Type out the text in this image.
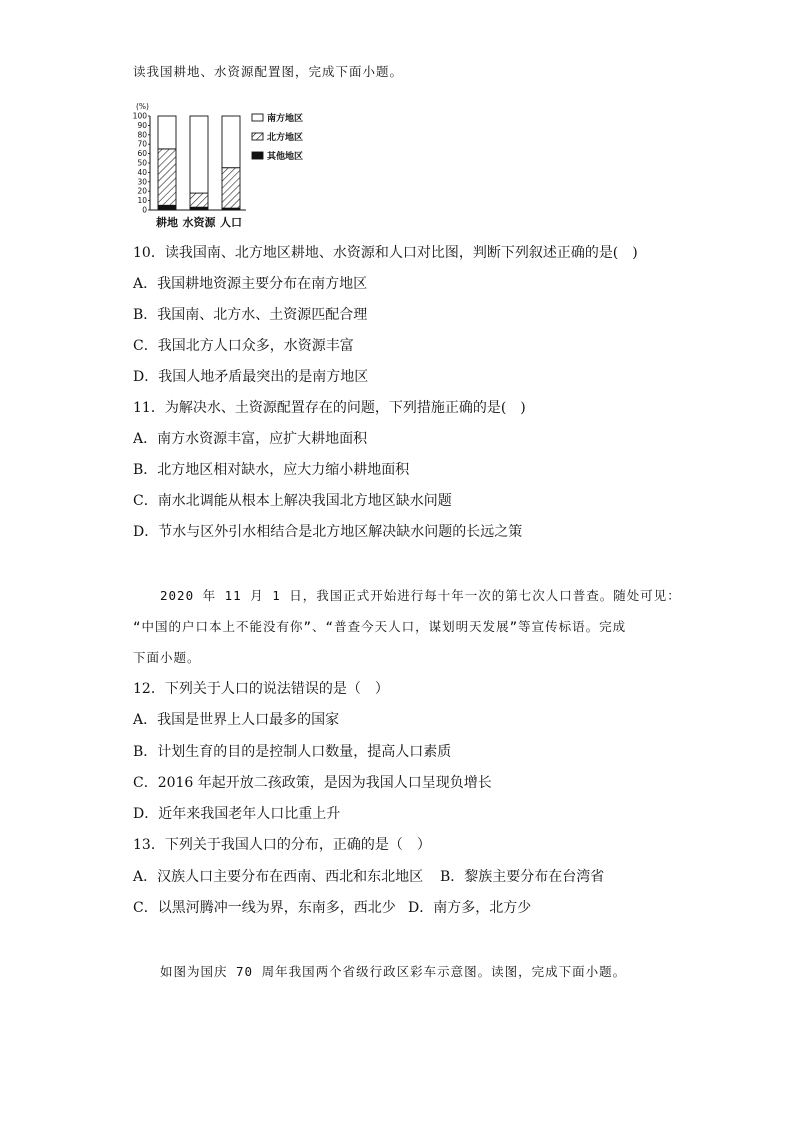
读我国耕地、水资源配置图，完成下面小题。
(%)
0
10
20
30
40
50
60
70
80
90
100
耕地 水资源 人口
南方地区
北方地区
其他地区
10．读我国南、北方地区耕地、水资源和人口对比图，判断下列叙述正确的是(　)
A．我国耕地资源主要分布在南方地区
B．我国南、北方水、土资源匹配合理
C．我国北方人口众多，水资源丰富
D．我国人地矛盾最突出的是南方地区
11．为解决水、土资源配置存在的问题，下列措施正确的是(　)
A．南方水资源丰富，应扩大耕地面积
B．北方地区相对缺水，应大力缩小耕地面积
C．南水北调能从根本上解决我国北方地区缺水问题
D．节水与区外引水相结合是北方地区解决缺水问题的长远之策
2020 年 11 月 1 日，我国正式开始进行每十年一次的第七次人口普查。随处可见：
“中国的户口本上不能没有你”、“普查今天人口，谋划明天发展”等宣传标语。完成
下面小题。
12．下列关于人口的说法错误的是（　）
A．我国是世界上人口最多的国家
B．计划生育的目的是控制人口数量，提高人口素质
C．2016 年起开放二孩政策，是因为我国人口呈现负增长
D．近年来我国老年人口比重上升
13．下列关于我国人口的分布，正确的是（　）
A．汉族人口主要分布在西南、西北和东北地区 B．黎族主要分布在台湾省
C．以黑河腾冲一线为界，东南多，西北少 D．南方多，北方少
如图为国庆 70 周年我国两个省级行政区彩车示意图。读图，完成下面小题。
